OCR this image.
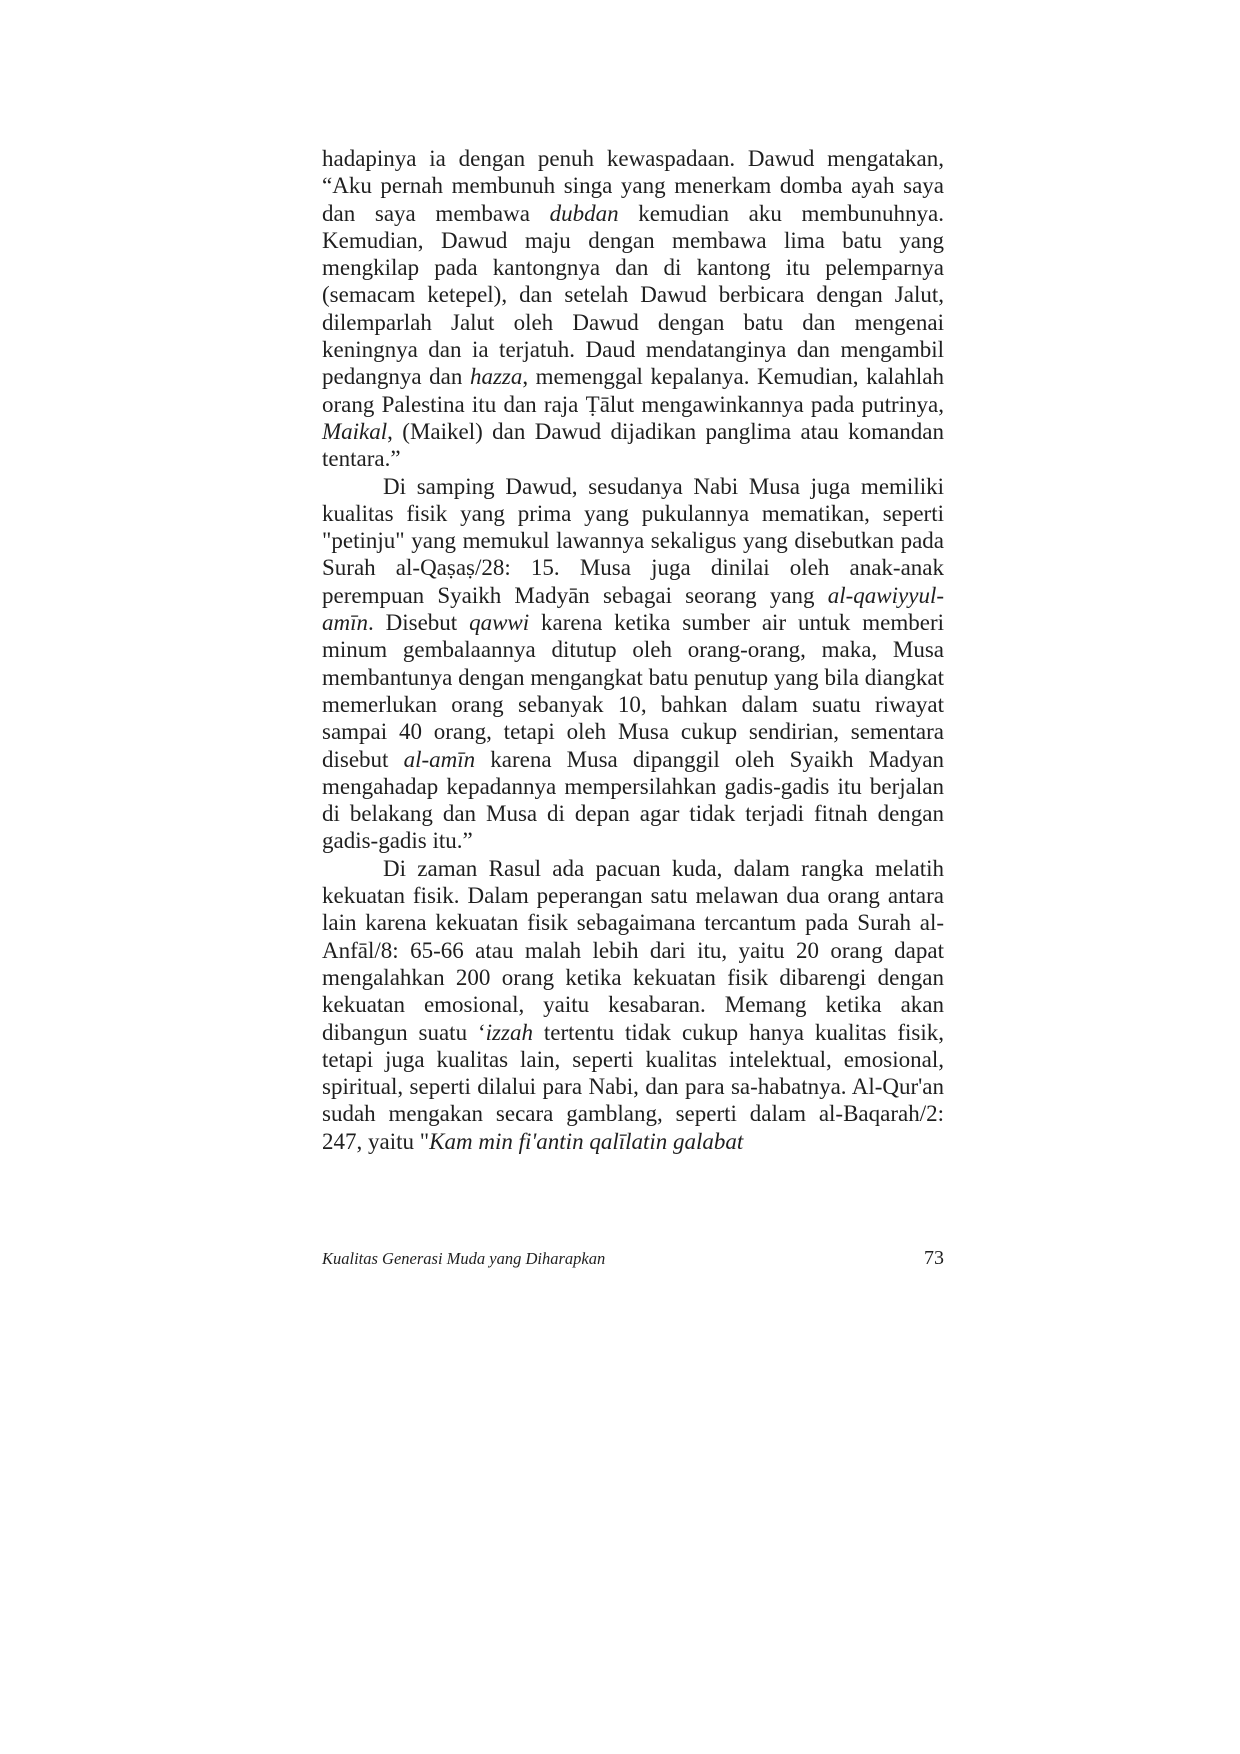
hadapinya ia dengan penuh kewaspadaan. Dawud mengatakan, “Aku pernah membunuh singa yang menerkam domba ayah saya dan saya membawa dubdan kemudian aku membunuhnya. Kemudian, Dawud maju dengan membawa lima batu yang mengkilap pada kantongnya dan di kantong itu pelemparnya (semacam ketepel), dan setelah Dawud berbicara dengan Jalut, dilemparlah Jalut oleh Dawud dengan batu dan mengenai keningnya dan ia terjatuh. Daud mendatanginya dan mengambil pedangnya dan hazza, memenggal kepalanya. Kemudian, kalahlah orang Palestina itu dan raja Ṭālut mengawinkannya pada putrinya, Maikal, (Maikel) dan Dawud dijadikan panglima atau komandan tentara.”

Di samping Dawud, sesudanya Nabi Musa juga memiliki kualitas fisik yang prima yang pukulannya mematikan, seperti "petinju" yang memukul lawannya sekaligus yang disebutkan pada Surah al-Qaṣaṣ/28: 15. Musa juga dinilai oleh anak-anak perempuan Syaikh Madyān sebagai seorang yang al-qawiyyul-amīn. Disebut qawwi karena ketika sumber air untuk memberi minum gembalaannya ditutup oleh orang-orang, maka, Musa membantunya dengan mengangkat batu penutup yang bila diangkat memerlukan orang sebanyak 10, bahkan dalam suatu riwayat sampai 40 orang, tetapi oleh Musa cukup sendirian, sementara disebut al-amīn karena Musa dipanggil oleh Syaikh Madyan mengahadap kepadannya mempersilahkan gadis-gadis itu berjalan di belakang dan Musa di depan agar tidak terjadi fitnah dengan gadis-gadis itu.”

Di zaman Rasul ada pacuan kuda, dalam rangka melatih kekuatan fisik. Dalam peperangan satu melawan dua orang antara lain karena kekuatan fisik sebagaimana tercantum pada Surah al-Anfāl/8: 65-66 atau malah lebih dari itu, yaitu 20 orang dapat mengalahkan 200 orang ketika kekuatan fisik dibarengi dengan kekuatan emosional, yaitu kesabaran. Memang ketika akan dibangun suatu ‘izzah tertentu tidak cukup hanya kualitas fisik, tetapi juga kualitas lain, seperti kualitas intelektual, emosional, spiritual, seperti dilalui para Nabi, dan para sa-habatnya. Al-Qur'an sudah mengakan secara gamblang, seperti dalam al-Baqarah/2: 247, yaitu "Kam min fi'antin qalīlatin galabat

Kualitas Generasi Muda yang Diharapkan	73
